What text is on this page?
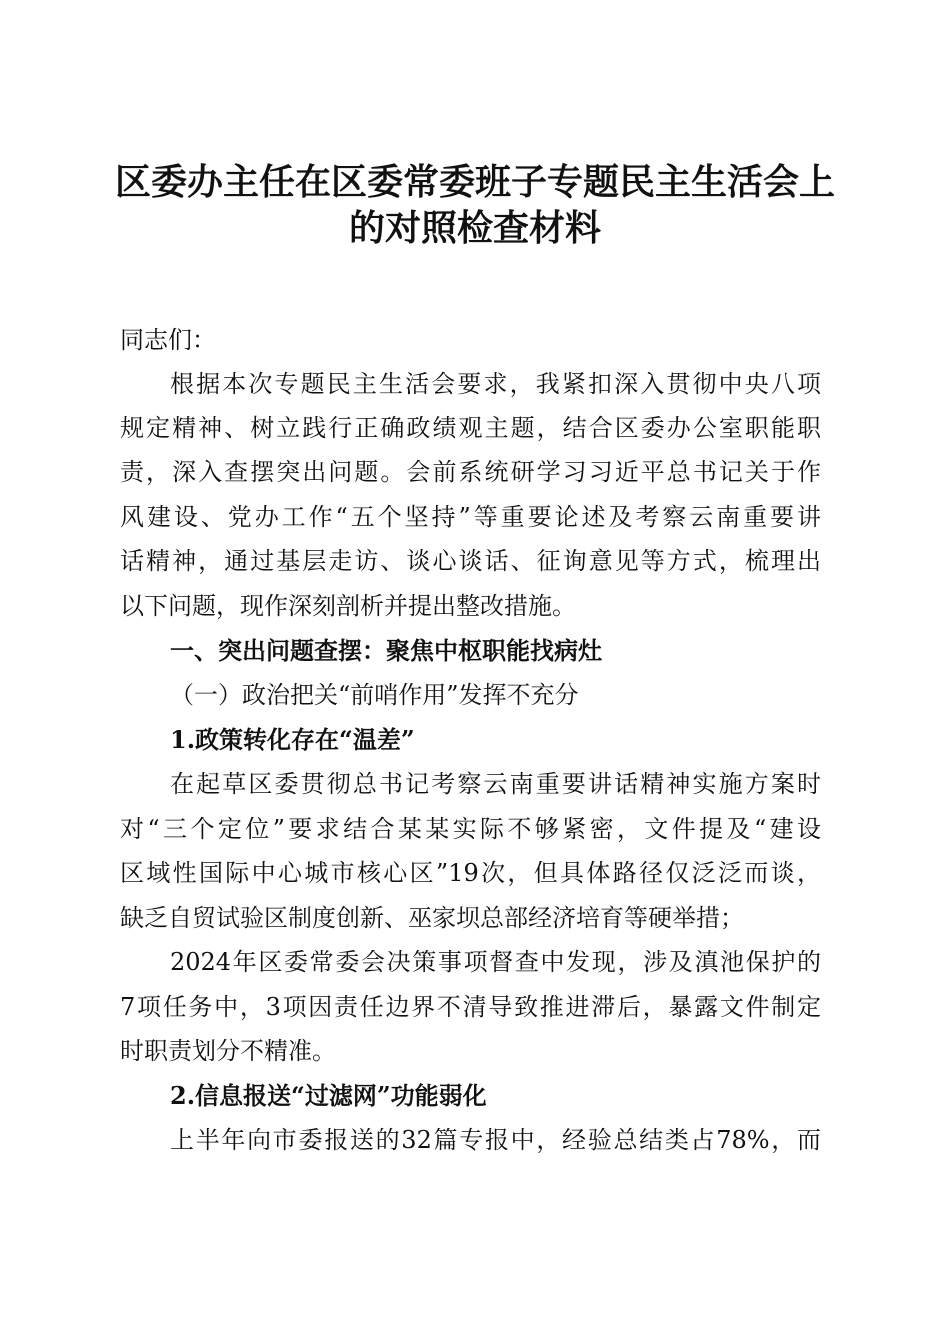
区委办主任在区委常委班子专题民主生活会上
的对照检查材料

同志们：

根据本次专题民主生活会要求，我紧扣深入贯彻中央八项

规定精神、树立践行正确政绩观主题，结合区委办公室职能职

责，深入查摆突出问题。会前系统研学习习近平总书记关于作

风建设、党办工作“五个坚持”等重要论述及考察云南重要讲

话精神，通过基层走访、谈心谈话、征询意见等方式，梳理出

以下问题，现作深刻剖析并提出整改措施。

一、突出问题查摆：聚焦中枢职能找病灶

（一）政治把关“前哨作用”发挥不充分

1.政策转化存在“温差”

在起草区委贯彻总书记考察云南重要讲话精神实施方案时

对“三个定位”要求结合某某实际不够紧密，文件提及“建设

区域性国际中心城市核心区”19次，但具体路径仅泛泛而谈，

缺乏自贸试验区制度创新、巫家坝总部经济培育等硬举措；

2024年区委常委会决策事项督查中发现，涉及滇池保护的

7项任务中，3项因责任边界不清导致推进滞后，暴露文件制定

时职责划分不精准。

2.信息报送“过滤网”功能弱化

上半年向市委报送的32篇专报中，经验总结类占78%，而
